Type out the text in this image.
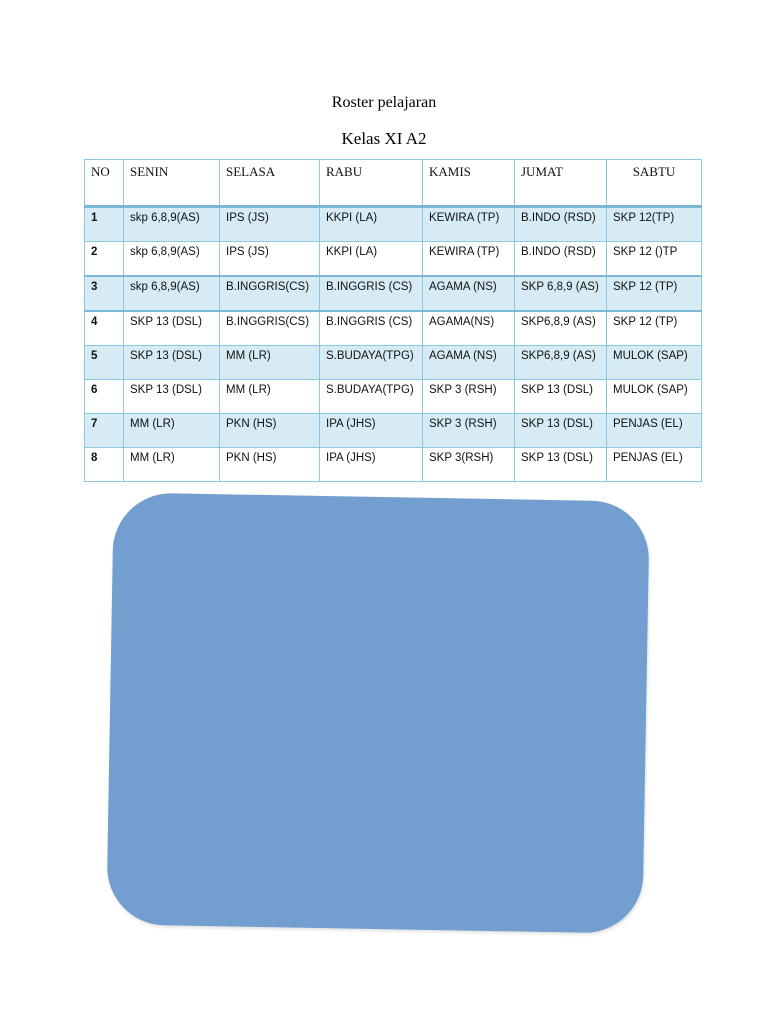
Roster pelajaran
Kelas XI A2
NO	SENIN	SELASA	RABU	KAMIS	JUMAT	SABTU
1	skp 6,8,9(AS)	IPS (JS)	KKPI (LA)	KEWIRA (TP)	B.INDO (RSD)	SKP 12(TP)
2	skp 6,8,9(AS)	IPS (JS)	KKPI (LA)	KEWIRA (TP)	B.INDO (RSD)	SKP 12 ()TP
3	skp 6,8,9(AS)	B.INGGRIS(CS)	B.INGGRIS (CS)	AGAMA (NS)	SKP 6,8,9 (AS)	SKP 12 (TP)
4	SKP 13 (DSL)	B.INGGRIS(CS)	B.INGGRIS (CS)	AGAMA(NS)	SKP6,8,9 (AS)	SKP 12 (TP)
5	SKP 13 (DSL)	MM (LR)	S.BUDAYA(TPG)	AGAMA (NS)	SKP6,8,9 (AS)	MULOK (SAP)
6	SKP 13 (DSL)	MM (LR)	S.BUDAYA(TPG)	SKP 3 (RSH)	SKP 13 (DSL)	MULOK (SAP)
7	MM (LR)	PKN (HS)	IPA (JHS)	SKP 3 (RSH)	SKP 13 (DSL)	PENJAS (EL)
8	MM (LR)	PKN (HS)	IPA (JHS)	SKP 3(RSH)	SKP 13 (DSL)	PENJAS (EL)
